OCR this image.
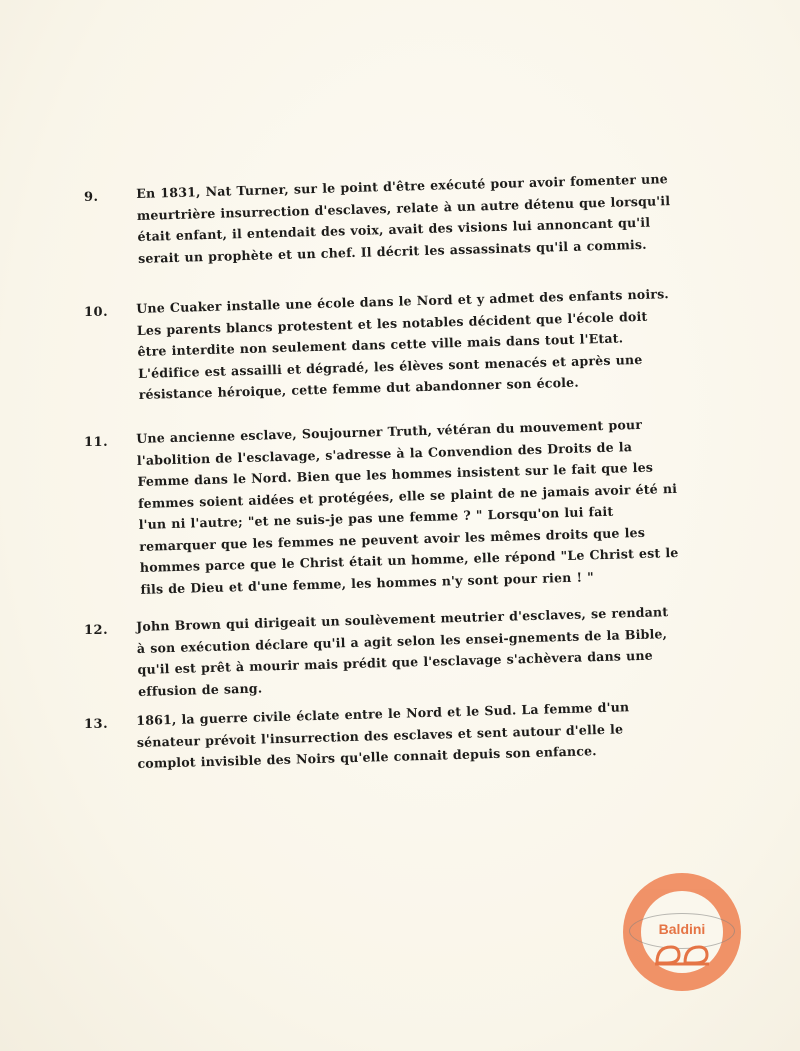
9.	En 1831, Nat Turner, sur le point d'être exécuté pour avoir fomenter une meurtrière insurrection d'esclaves, relate à un autre détenu que lorsqu'il était enfant, il entendait des voix, avait des visions lui annoncant qu'il serait un prophète et un chef. Il décrit les assassinats qu'il a commis.
10. Une Cuaker installe une école dans le Nord et y admet des enfants noirs. Les parents blancs protestent et les notables décident que l'école doit être interdite non seulement dans cette ville mais dans tout l'Etat. L'édifice est assailli et dégradé, les élèves sont menacés et après une résistance héroique, cette femme dut abandonner son école.
11. Une ancienne esclave, Soujourner Truth, vétéran du mouvement pour l'abolition de l'esclavage, s'adresse à la Convendion des Droits de la Femme dans le Nord. Bien que les hommes insistent sur le fait que les femmes soient aidées et protégées, elle se plaint de ne jamais avoir été ni l'un ni l'autre; "et ne suis-je pas une femme ? " Lorsqu'on lui fait remarquer que les femmes ne peuvent avoir les mêmes droits que les hommes parce que le Christ était un homme, elle répond "Le Christ est le fils de Dieu et d'une femme, les hommes n'y sont pour rien ! "
12. John Brown qui dirigeait un soulèvement meutrier d'esclaves, se rendant à son exécution déclare qu'il a agit selon les ensei-gnements de la Bible, qu'il est prêt à mourir mais prédit que l'esclavage s'achèvera dans une effusion de sang.
13. 1861, la guerre civile éclate entre le Nord et le Sud. La femme d'un sénateur prévoit l'insurrection des esclaves et sent autour d'elle le complot invisible des Noirs qu'elle connait depuis son enfance.
Baldini
